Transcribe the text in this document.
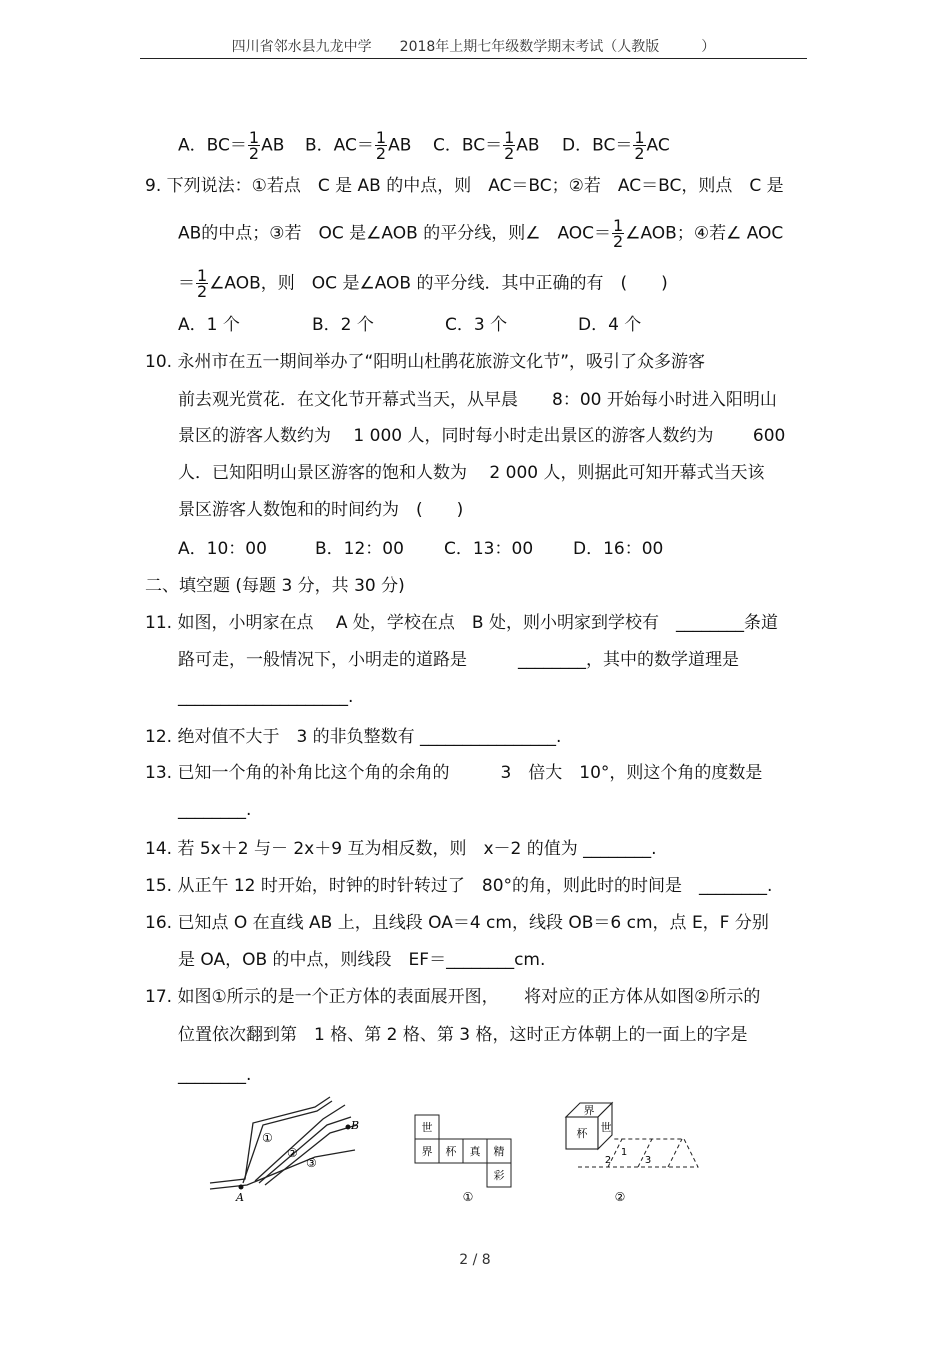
四川省邻水县九龙中学　　2018年上期七年级数学期末考试（人教版　　　）
A．$BC= \frac{1}{2}$ AB B．$AC= \frac{1}{2}$ AB C．$BC= \frac{1}{2}$ AB D．$BC= \frac{1}{2}$ AC
9. 下列说法：①若点　C 是 AB 的中点，则　AC＝BC；②若　AC＝BC，则点　C 是
AB的中点；③若　OC 是∠AOB 的平分线，则∠　$AOC= \frac{1}{2}$ ∠AOB；④若∠ AOC
＝ $\frac{1}{2}$ ∠AOB，则　OC 是∠AOB 的平分线．其中正确的有　(　　)
A．1 个	B．2 个	C．3 个	D．4 个
10. 永州市在五一期间举办了“阳明山杜鹃花旅游文化节”，吸引了众多游客
前去观光赏花．在文化节开幕式当天，从早晨　　8：00 开始每小时进入阳明山
景区的游客人数约为　 1 000 人，同时每小时走出景区的游客人数约为　　 600
人．已知阳明山景区游客的饱和人数为　 2 000 人，则据此可知开幕式当天该
景区游客人数饱和的时间约为　(　　)
A．10：00	B．12：00 C．13：00 D．16：00
二、填空题 (每题 3 分，共 30 分)
11. 如图，小明家在点　 A 处，学校在点　B 处，则小明家到学校有　________条道
路可走，一般情况下，小明走的道路是　　　________，其中的数学道理是
____________________.
12. 绝对值不大于　3 的非负整数有 ________________.
13. 已知一个角的补角比这个角的余角的　　　3　倍大　10°，则这个角的度数是
________.
14. 若 5x＋2 与－ 2x＋9 互为相反数，则　x－2 的值为 ________.
15. 从正午 12 时开始，时钟的时针转过了　80°的角，则此时的时间是　________.
16. 已知点 O 在直线 AB 上，且线段 OA＝4 cm，线段 OB＝6 cm，点 E，F 分别
是 OA，OB 的中点，则线段　EF＝________cm.
17. 如图①所示的是一个正方体的表面展开图，　　将对应的正方体从如图②所示的
位置依次翻到第　1 格、第 2 格、第 3 格，这时正方体朝上的一面上的字是
________.
A
B
①
②
③
世
界 杯 真 精
彩
①
界
杯 世
1
2	3
②
2 / 8
